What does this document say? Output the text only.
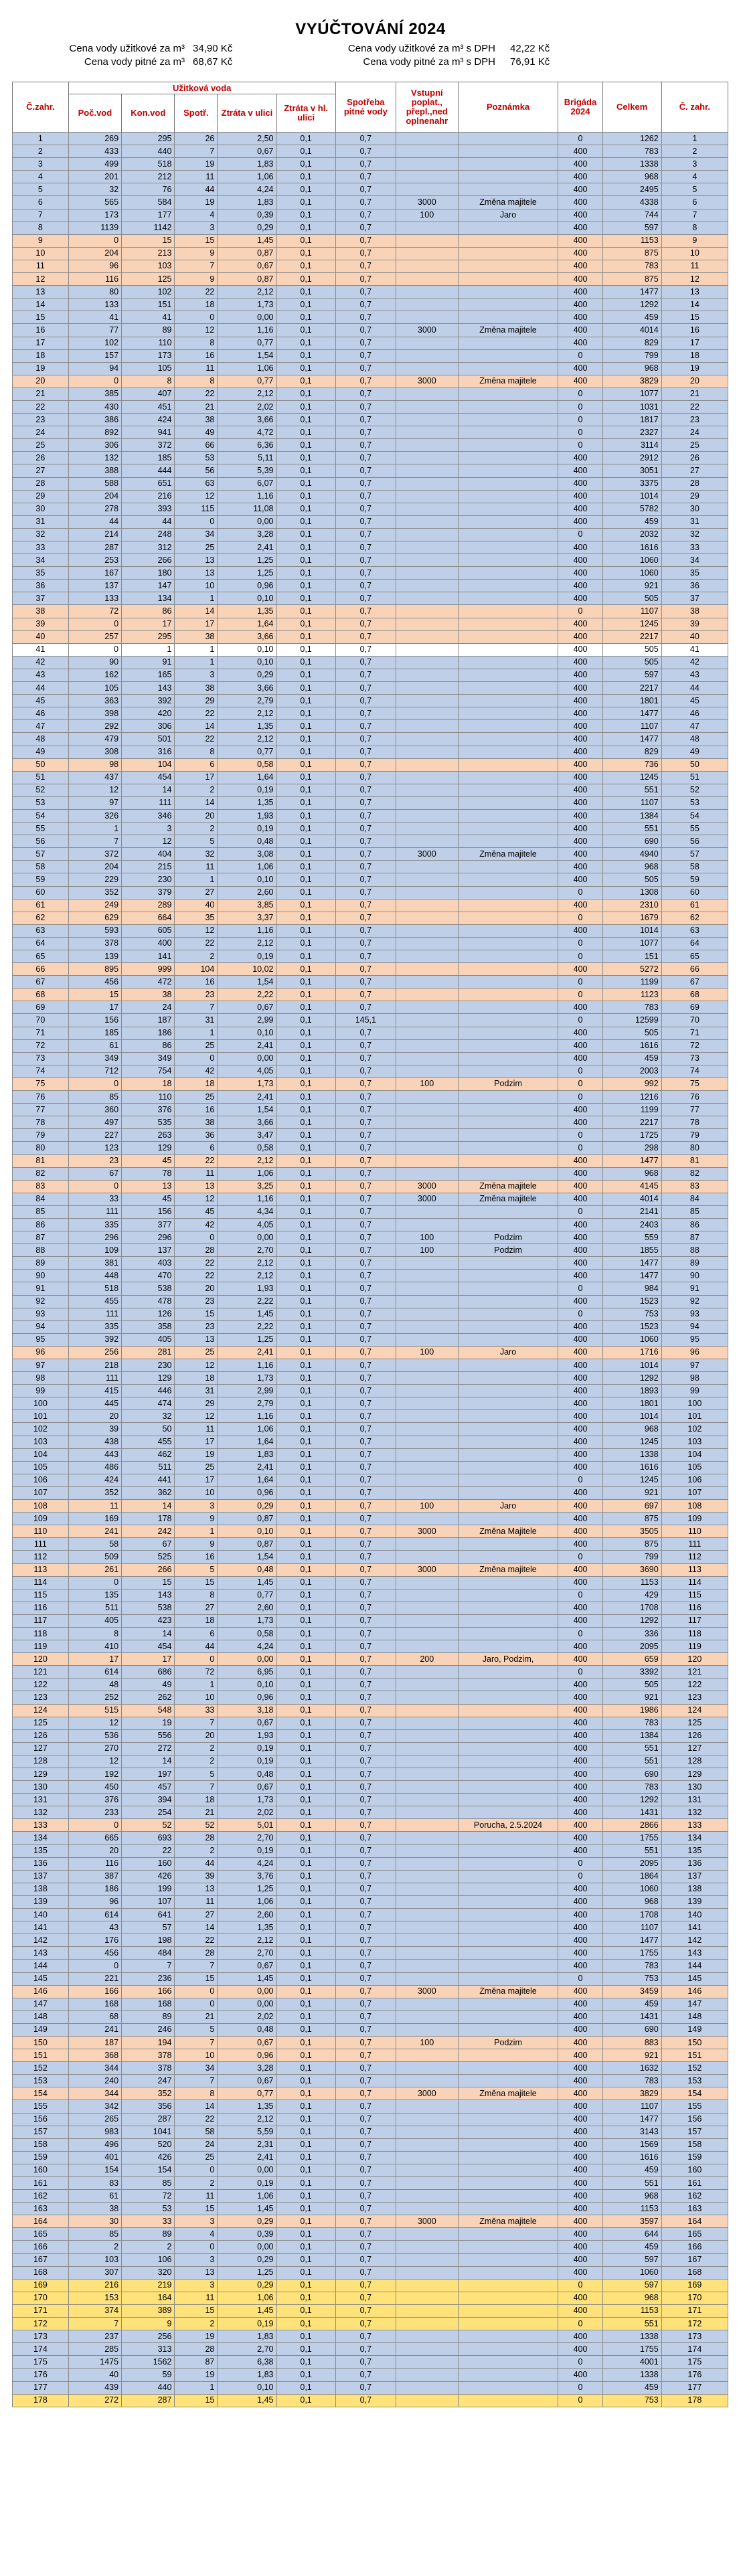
VYÚČTOVÁNÍ 2024
Cena vody užitkové za m³ 34,90 Kč
Cena vody pitné za m³ 68,67 Kč
Cena vody užitkové za m³ s DPH 42,22 Kč
Cena vody pitné za m³ s DPH 76,91 Kč
Č.zahr.	Užitková voda					Spotřeba pitné vody	Vstupní poplat., přepl.,ned oplnenahr	Poznámka	Brigáda 2024	Celkem	Č. zahr.
	Poč.vod	Kon.vod	Spotř.	Ztráta v ulici	Ztráta v hl. ulici						
1	269	295	26	2,50	0,1	0,7			0	1262	1
2	433	440	7	0,67	0,1	0,7			400	783	2
3	499	518	19	1,83	0,1	0,7			400	1338	3
4	201	212	11	1,06	0,1	0,7			400	968	4
5	32	76	44	4,24	0,1	0,7			400	2495	5
6	565	584	19	1,83	0,1	0,7	3000	Změna majitele	400	4338	6
7	173	177	4	0,39	0,1	0,7	100	Jaro	400	744	7
8	1139	1142	3	0,29	0,1	0,7			400	597	8
9	0	15	15	1,45	0,1	0,7			400	1153	9
10	204	213	9	0,87	0,1	0,7			400	875	10
11	96	103	7	0,67	0,1	0,7			400	783	11
12	116	125	9	0,87	0,1	0,7			400	875	12
13	80	102	22	2,12	0,1	0,7			400	1477	13
14	133	151	18	1,73	0,1	0,7			400	1292	14
15	41	41	0	0,00	0,1	0,7			400	459	15
16	77	89	12	1,16	0,1	0,7	3000	Změna majitele	400	4014	16
17	102	110	8	0,77	0,1	0,7			400	829	17
18	157	173	16	1,54	0,1	0,7			0	799	18
19	94	105	11	1,06	0,1	0,7			400	968	19
20	0	8	8	0,77	0,1	0,7	3000	Změna majitele	400	3829	20
21	385	407	22	2,12	0,1	0,7			0	1077	21
22	430	451	21	2,02	0,1	0,7			0	1031	22
23	386	424	38	3,66	0,1	0,7			0	1817	23
24	892	941	49	4,72	0,1	0,7			0	2327	24
25	306	372	66	6,36	0,1	0,7			0	3114	25
26	132	185	53	5,11	0,1	0,7			400	2912	26
27	388	444	56	5,39	0,1	0,7			400	3051	27
28	588	651	63	6,07	0,1	0,7			400	3375	28
29	204	216	12	1,16	0,1	0,7			400	1014	29
30	278	393	115	11,08	0,1	0,7			400	5782	30
31	44	44	0	0,00	0,1	0,7			400	459	31
32	214	248	34	3,28	0,1	0,7			0	2032	32
33	287	312	25	2,41	0,1	0,7			400	1616	33
34	253	266	13	1,25	0,1	0,7			400	1060	34
35	167	180	13	1,25	0,1	0,7			400	1060	35
36	137	147	10	0,96	0,1	0,7			400	921	36
37	133	134	1	0,10	0,1	0,7			400	505	37
38	72	86	14	1,35	0,1	0,7			0	1107	38
39	0	17	17	1,64	0,1	0,7			400	1245	39
40	257	295	38	3,66	0,1	0,7			400	2217	40
41	0	1	1	0,10	0,1	0,7			400	505	41
42	90	91	1	0,10	0,1	0,7			400	505	42
43	162	165	3	0,29	0,1	0,7			400	597	43
44	105	143	38	3,66	0,1	0,7			400	2217	44
45	363	392	29	2,79	0,1	0,7			400	1801	45
46	398	420	22	2,12	0,1	0,7			400	1477	46
47	292	306	14	1,35	0,1	0,7			400	1107	47
48	479	501	22	2,12	0,1	0,7			400	1477	48
49	308	316	8	0,77	0,1	0,7			400	829	49
50	98	104	6	0,58	0,1	0,7			400	736	50
51	437	454	17	1,64	0,1	0,7			400	1245	51
52	12	14	2	0,19	0,1	0,7			400	551	52
53	97	111	14	1,35	0,1	0,7			400	1107	53
54	326	346	20	1,93	0,1	0,7			400	1384	54
55	1	3	2	0,19	0,1	0,7			400	551	55
56	7	12	5	0,48	0,1	0,7			400	690	56
57	372	404	32	3,08	0,1	0,7	3000	Změna majitele	400	4940	57
58	204	215	11	1,06	0,1	0,7			400	968	58
59	229	230	1	0,10	0,1	0,7			400	505	59
60	352	379	27	2,60	0,1	0,7			0	1308	60
61	249	289	40	3,85	0,1	0,7			400	2310	61
62	629	664	35	3,37	0,1	0,7			0	1679	62
63	593	605	12	1,16	0,1	0,7			400	1014	63
64	378	400	22	2,12	0,1	0,7			0	1077	64
65	139	141	2	0,19	0,1	0,7			0	151	65
66	895	999	104	10,02	0,1	0,7			400	5272	66
67	456	472	16	1,54	0,1	0,7			0	1199	67
68	15	38	23	2,22	0,1	0,7			0	1123	68
69	17	24	7	0,67	0,1	0,7			400	783	69
70	156	187	31	2,99	0,1	145,1			0	12599	70
71	185	186	1	0,10	0,1	0,7			400	505	71
72	61	86	25	2,41	0,1	0,7			400	1616	72
73	349	349	0	0,00	0,1	0,7			400	459	73
74	712	754	42	4,05	0,1	0,7			0	2003	74
75	0	18	18	1,73	0,1	0,7	100	Podzim	0	992	75
76	85	110	25	2,41	0,1	0,7			0	1216	76
77	360	376	16	1,54	0,1	0,7			400	1199	77
78	497	535	38	3,66	0,1	0,7			400	2217	78
79	227	263	36	3,47	0,1	0,7			0	1725	79
80	123	129	6	0,58	0,1	0,7			0	298	80
81	23	45	22	2,12	0,1	0,7			400	1477	81
82	67	78	11	1,06	0,1	0,7			400	968	82
83	0	13	13	3,25	0,1	0,7	3000	Změna majitele	400	4145	83
84	33	45	12	1,16	0,1	0,7	3000	Změna majitele	400	4014	84
85	111	156	45	4,34	0,1	0,7			0	2141	85
86	335	377	42	4,05	0,1	0,7			400	2403	86
87	296	296	0	0,00	0,1	0,7	100	Podzim	400	559	87
88	109	137	28	2,70	0,1	0,7	100	Podzim	400	1855	88
89	381	403	22	2,12	0,1	0,7			400	1477	89
90	448	470	22	2,12	0,1	0,7			400	1477	90
91	518	538	20	1,93	0,1	0,7			0	984	91
92	455	478	23	2,22	0,1	0,7			400	1523	92
93	111	126	15	1,45	0,1	0,7			0	753	93
94	335	358	23	2,22	0,1	0,7			400	1523	94
95	392	405	13	1,25	0,1	0,7			400	1060	95
96	256	281	25	2,41	0,1	0,7	100	Jaro	400	1716	96
97	218	230	12	1,16	0,1	0,7			400	1014	97
98	111	129	18	1,73	0,1	0,7			400	1292	98
99	415	446	31	2,99	0,1	0,7			400	1893	99
100	445	474	29	2,79	0,1	0,7			400	1801	100
101	20	32	12	1,16	0,1	0,7			400	1014	101
102	39	50	11	1,06	0,1	0,7			400	968	102
103	438	455	17	1,64	0,1	0,7			400	1245	103
104	443	462	19	1,83	0,1	0,7			400	1338	104
105	486	511	25	2,41	0,1	0,7			400	1616	105
106	424	441	17	1,64	0,1	0,7			0	1245	106
107	352	362	10	0,96	0,1	0,7			400	921	107
108	11	14	3	0,29	0,1	0,7	100	Jaro	400	697	108
109	169	178	9	0,87	0,1	0,7			400	875	109
110	241	242	1	0,10	0,1	0,7	3000	Změna Majitele	400	3505	110
111	58	67	9	0,87	0,1	0,7			400	875	111
112	509	525	16	1,54	0,1	0,7			0	799	112
113	261	266	5	0,48	0,1	0,7	3000	Změna majitele	400	3690	113
114	0	15	15	1,45	0,1	0,7			400	1153	114
115	135	143	8	0,77	0,1	0,7			0	429	115
116	511	538	27	2,60	0,1	0,7			400	1708	116
117	405	423	18	1,73	0,1	0,7			400	1292	117
118	8	14	6	0,58	0,1	0,7			0	336	118
119	410	454	44	4,24	0,1	0,7			400	2095	119
120	17	17	0	0,00	0,1	0,7	200	Jaro, Podzim,	400	659	120
121	614	686	72	6,95	0,1	0,7			0	3392	121
122	48	49	1	0,10	0,1	0,7			400	505	122
123	252	262	10	0,96	0,1	0,7			400	921	123
124	515	548	33	3,18	0,1	0,7			400	1986	124
125	12	19	7	0,67	0,1	0,7			400	783	125
126	536	556	20	1,93	0,1	0,7			400	1384	126
127	270	272	2	0,19	0,1	0,7			400	551	127
128	12	14	2	0,19	0,1	0,7			400	551	128
129	192	197	5	0,48	0,1	0,7			400	690	129
130	450	457	7	0,67	0,1	0,7			400	783	130
131	376	394	18	1,73	0,1	0,7			400	1292	131
132	233	254	21	2,02	0,1	0,7			400	1431	132
133	0	52	52	5,01	0,1	0,7		Porucha, 2.5.2024	400	2866	133
134	665	693	28	2,70	0,1	0,7			400	1755	134
135	20	22	2	0,19	0,1	0,7			400	551	135
136	116	160	44	4,24	0,1	0,7			0	2095	136
137	387	426	39	3,76	0,1	0,7			0	1864	137
138	186	199	13	1,25	0,1	0,7			400	1060	138
139	96	107	11	1,06	0,1	0,7			400	968	139
140	614	641	27	2,60	0,1	0,7			400	1708	140
141	43	57	14	1,35	0,1	0,7			400	1107	141
142	176	198	22	2,12	0,1	0,7			400	1477	142
143	456	484	28	2,70	0,1	0,7			400	1755	143
144	0	7	7	0,67	0,1	0,7			400	783	144
145	221	236	15	1,45	0,1	0,7			0	753	145
146	166	166	0	0,00	0,1	0,7	3000	Změna majitele	400	3459	146
147	168	168	0	0,00	0,1	0,7			400	459	147
148	68	89	21	2,02	0,1	0,7			400	1431	148
149	241	246	5	0,48	0,1	0,7			400	690	149
150	187	194	7	0,67	0,1	0,7	100	Podzim	400	883	150
151	368	378	10	0,96	0,1	0,7			400	921	151
152	344	378	34	3,28	0,1	0,7			400	1632	152
153	240	247	7	0,67	0,1	0,7			400	783	153
154	344	352	8	0,77	0,1	0,7	3000	Změna majitele	400	3829	154
155	342	356	14	1,35	0,1	0,7			400	1107	155
156	265	287	22	2,12	0,1	0,7			400	1477	156
157	983	1041	58	5,59	0,1	0,7			400	3143	157
158	496	520	24	2,31	0,1	0,7			400	1569	158
159	401	426	25	2,41	0,1	0,7			400	1616	159
160	154	154	0	0,00	0,1	0,7			400	459	160
161	83	85	2	0,19	0,1	0,7			400	551	161
162	61	72	11	1,06	0,1	0,7			400	968	162
163	38	53	15	1,45	0,1	0,7			400	1153	163
164	30	33	3	0,29	0,1	0,7	3000	Změna majitele	400	3597	164
165	85	89	4	0,39	0,1	0,7			400	644	165
166	2	2	0	0,00	0,1	0,7			400	459	166
167	103	106	3	0,29	0,1	0,7			400	597	167
168	307	320	13	1,25	0,1	0,7			400	1060	168
169	216	219	3	0,29	0,1	0,7			0	597	169
170	153	164	11	1,06	0,1	0,7			400	968	170
171	374	389	15	1,45	0,1	0,7			400	1153	171
172	7	9	2	0,19	0,1	0,7			0	551	172
173	237	256	19	1,83	0,1	0,7			400	1338	173
174	285	313	28	2,70	0,1	0,7			400	1755	174
175	1475	1562	87	6,38	0,1	0,7			0	4001	175
176	40	59	19	1,83	0,1	0,7			400	1338	176
177	439	440	1	0,10	0,1	0,7			0	459	177
178	272	287	15	1,45	0,1	0,7			0	753	178
